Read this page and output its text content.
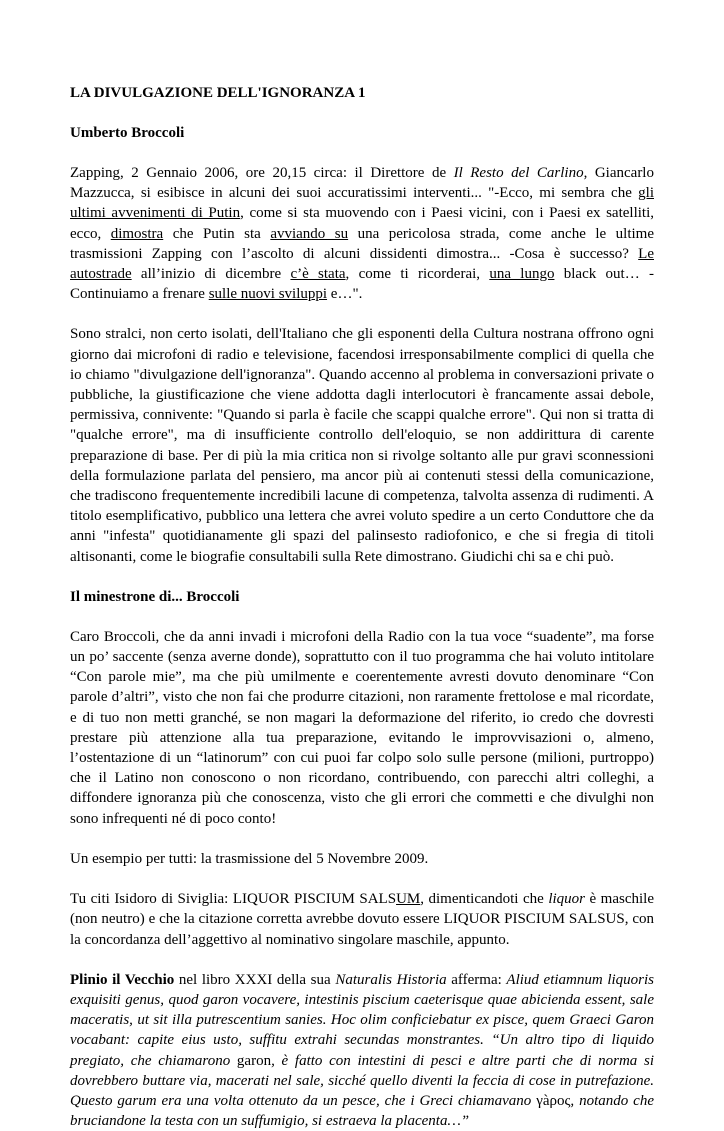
LA DIVULGAZIONE DELL'IGNORANZA 1
Umberto Broccoli

Zapping, 2 Gennaio 2006, ore 20,15 circa: il Direttore de Il Resto del Carlino, Giancarlo Mazzucca, si esibisce in alcuni dei suoi accuratissimi interventi... "-Ecco, mi sembra che gli ultimi avvenimenti di Putin, come si sta muovendo con i Paesi vicini, con i Paesi ex satelliti, ecco, dimostra che Putin sta avviando su una pericolosa strada, come anche le ultime trasmissioni Zapping con l’ascolto di alcuni dissidenti dimostra... -Cosa è successo? Le autostrade all’inizio di dicembre c’è stata, come ti ricorderai, una lungo black out… -Continuiamo a frenare sulle nuovi sviluppi e…".

Sono stralci, non certo isolati, dell'Italiano che gli esponenti della Cultura nostrana offrono ogni giorno dai microfoni di radio e televisione, facendosi irresponsabilmente complici di quella che io chiamo "divulgazione dell'ignoranza". Quando accenno al problema in conversazioni private o pubbliche, la giustificazione che viene addotta dagli interlocutori è francamente assai debole, permissiva, connivente: "Quando si parla è facile che scappi qualche errore". Qui non si tratta di "qualche errore", ma di insufficiente controllo dell'eloquio, se non addirittura di carente preparazione di base. Per di più la mia critica non si rivolge soltanto alle pur gravi sconnessioni della formulazione parlata del pensiero, ma ancor più ai contenuti stessi della comunicazione, che tradiscono frequentemente incredibili lacune di competenza, talvolta assenza di rudimenti. A titolo esemplificativo, pubblico una lettera che avrei voluto spedire a un certo Conduttore che da anni "infesta" quotidianamente gli spazi del palinsesto radiofonico, e che si fregia di titoli altisonanti, come le biografie consultabili sulla Rete dimostrano. Giudichi chi sa e chi può.

Il minestrone di... Broccoli

Caro Broccoli, che da anni invadi i microfoni della Radio con la tua voce “suadente”, ma forse un po’ saccente (senza averne donde), soprattutto con il tuo programma che hai voluto intitolare “Con parole mie”, ma che più umilmente e coerentemente avresti dovuto denominare “Con parole d’altri”, visto che non fai che produrre citazioni, non raramente frettolose e mal ricordate, e di tuo non metti granché, se non magari la deformazione del riferito, io credo che dovresti prestare più attenzione alla tua preparazione, evitando le improvvisazioni o, almeno, l’ostentazione di un “latinorum” con cui puoi far colpo solo sulle persone (milioni, purtroppo) che il Latino non conoscono o non ricordano, contribuendo, con parecchi altri colleghi, a diffondere ignoranza più che conoscenza, visto che gli errori che commetti e che divulghi non sono infrequenti né di poco conto!

Un esempio per tutti: la trasmissione del 5 Novembre 2009.

Tu citi Isidoro di Siviglia: LIQUOR PISCIUM SALSUM, dimenticandoti che liquor è maschile (non neutro) e che la citazione corretta avrebbe dovuto essere LIQUOR PISCIUM SALSUS, con la concordanza dell’aggettivo al nominativo singolare maschile, appunto.

Plinio il Vecchio nel libro XXXI della sua Naturalis Historia afferma: Aliud etiamnum liquoris exquisiti genus, quod garon vocavere, intestinis piscium caeterisque quae abicienda essent, sale maceratis, ut sit illa putrescentium sanies. Hoc olim conficiebatur ex pisce, quem Graeci Garon vocabant: capite eius usto, suffitu extrahi secundas monstrantes. “Un altro tipo di liquido pregiato, che chiamarono garon, è fatto con intestini di pesci e altre parti che di norma si dovrebbero buttare via, macerati nel sale, sicché quello diventi la feccia di cose in putrefazione. Questo garum era una volta ottenuto da un pesce, che i Greci chiamavano γàρος, notando che bruciandone la testa con un suffumigio, si estraeva la placenta…”
